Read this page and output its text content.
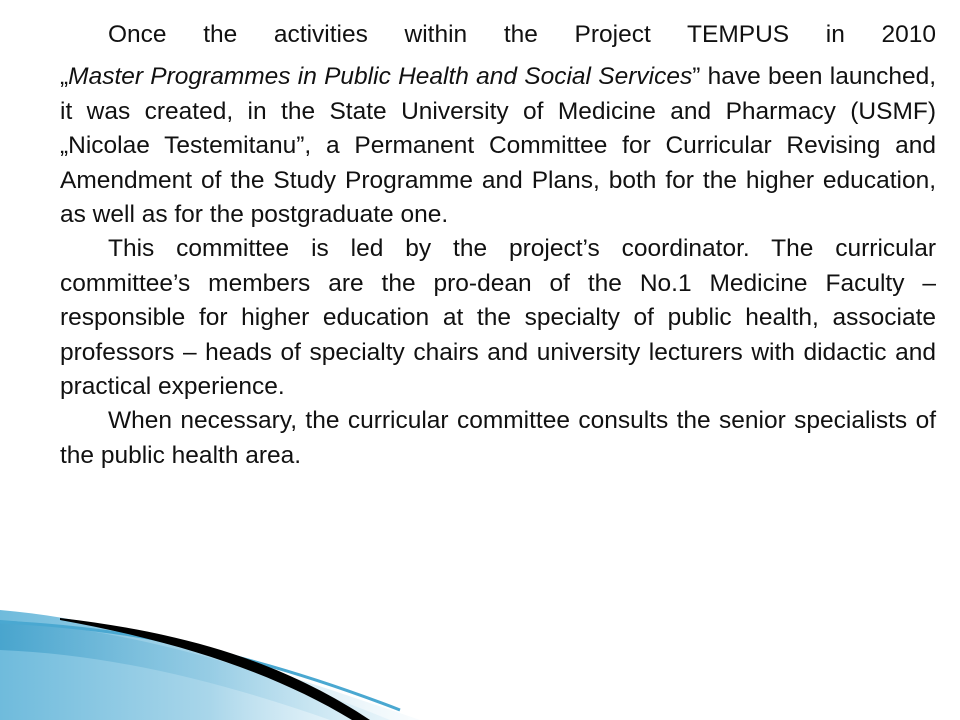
Once the activities within the Project TEMPUS in 2010

„Master Programmes in Public Health and Social Services” have been launched, it was created, in the State University of Medicine and Pharmacy (USMF) „Nicolae Testemitanu”, a Permanent Committee for Curricular Revising and Amendment of the Study Programme and Plans, both for the higher education, as well as for the postgraduate one.

This committee is led by the project’s coordinator. The curricular committee’s members are the pro-dean of the No.1 Medicine Faculty – responsible for higher education at the specialty of public health, associate professors – heads of specialty chairs and university lecturers with didactic and practical experience.

When necessary, the curricular committee consults the senior specialists of the public health area.
